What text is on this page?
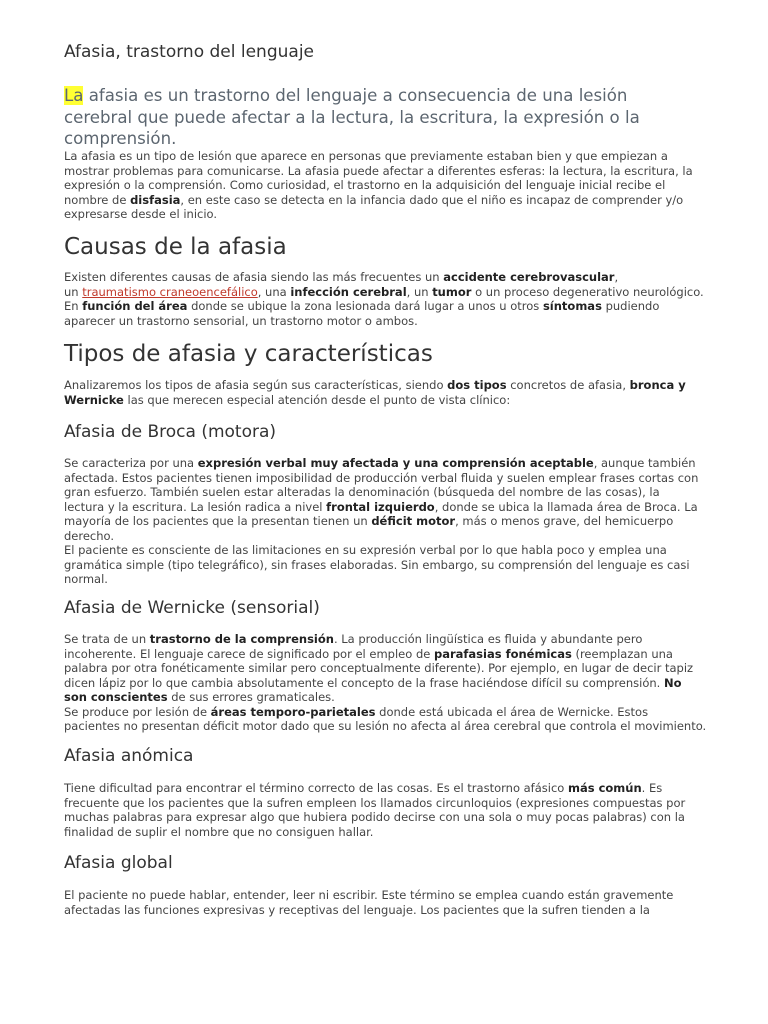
Afasia, trastorno del lenguaje
La afasia es un trastorno del lenguaje a consecuencia de una lesión cerebral que puede afectar a la lectura, la escritura, la expresión o la comprensión.
La afasia es un tipo de lesión que aparece en personas que previamente estaban bien y que empiezan a
mostrar problemas para comunicarse. La afasia puede afectar a diferentes esferas: la lectura, la escritura, la
expresión o la comprensión. Como curiosidad, el trastorno en la adquisición del lenguaje inicial recibe el
nombre de disfasia, en este caso se detecta en la infancia dado que el niño es incapaz de comprender y/o
expresarse desde el inicio.
Causas de la afasia
Existen diferentes causas de afasia siendo las más frecuentes un accidente cerebrovascular,
un traumatismo craneoencefálico, una infección cerebral, un tumor o un proceso degenerativo neurológico.
En función del área donde se ubique la zona lesionada dará lugar a unos u otros síntomas pudiendo
aparecer un trastorno sensorial, un trastorno motor o ambos.
Tipos de afasia y características
Analizaremos los tipos de afasia según sus características, siendo dos tipos concretos de afasia, bronca y
Wernicke las que merecen especial atención desde el punto de vista clínico:
Afasia de Broca (motora)
Se caracteriza por una expresión verbal muy afectada y una comprensión aceptable, aunque también
afectada. Estos pacientes tienen imposibilidad de producción verbal fluida y suelen emplear frases cortas con
gran esfuerzo. También suelen estar alteradas la denominación (búsqueda del nombre de las cosas), la
lectura y la escritura. La lesión radica a nivel frontal izquierdo, donde se ubica la llamada área de Broca. La
mayoría de los pacientes que la presentan tienen un déficit motor, más o menos grave, del hemicuerpo
derecho.
El paciente es consciente de las limitaciones en su expresión verbal por lo que habla poco y emplea una
gramática simple (tipo telegráfico), sin frases elaboradas. Sin embargo, su comprensión del lenguaje es casi
normal.
Afasia de Wernicke (sensorial)
Se trata de un trastorno de la comprensión. La producción lingüística es fluida y abundante pero
incoherente. El lenguaje carece de significado por el empleo de parafasias fonémicas (reemplazan una
palabra por otra fonéticamente similar pero conceptualmente diferente). Por ejemplo, en lugar de decir tapiz
dicen lápiz por lo que cambia absolutamente el concepto de la frase haciéndose difícil su comprensión. No
son conscientes de sus errores gramaticales.
Se produce por lesión de áreas temporo-parietales donde está ubicada el área de Wernicke. Estos
pacientes no presentan déficit motor dado que su lesión no afecta al área cerebral que controla el movimiento.
Afasia anómica
Tiene dificultad para encontrar el término correcto de las cosas. Es el trastorno afásico más común. Es
frecuente que los pacientes que la sufren empleen los llamados circunloquios (expresiones compuestas por
muchas palabras para expresar algo que hubiera podido decirse con una sola o muy pocas palabras) con la
finalidad de suplir el nombre que no consiguen hallar.
Afasia global
El paciente no puede hablar, entender, leer ni escribir. Este término se emplea cuando están gravemente
afectadas las funciones expresivas y receptivas del lenguaje. Los pacientes que la sufren tienden a la
